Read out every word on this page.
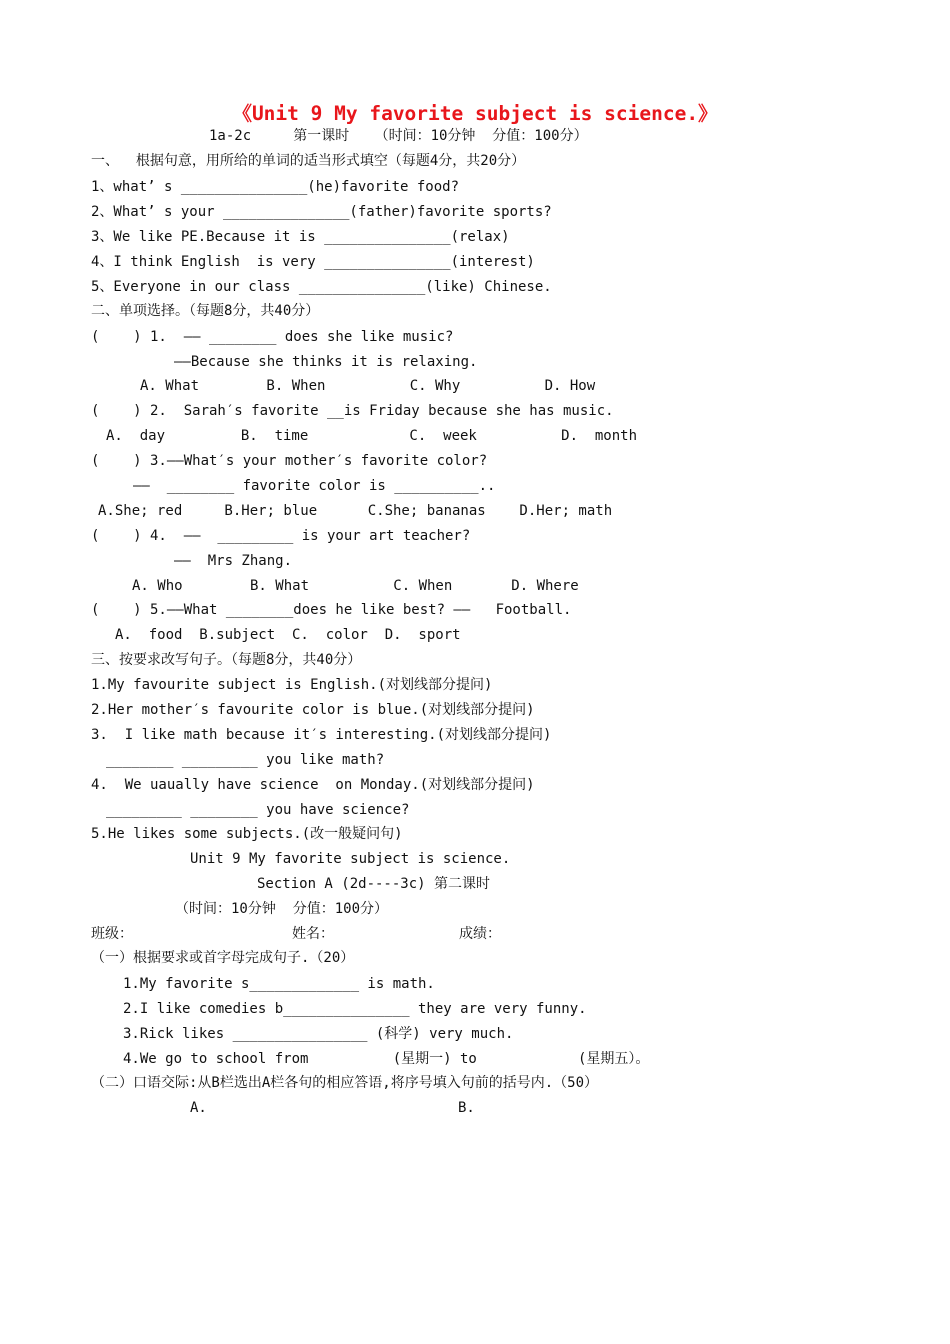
《Unit 9 My favorite subject is science.》
1a-2c     第一课时   （时间：10分钟  分值：100分）
一、  根据句意，用所给的单词的适当形式填空（每题4分，共20分）
1、what’ s _______________(he)favorite food?
2、What’ s your _______________(father)favorite sports?
3、We like PE.Because it is _______________(relax)
4、I think English  is very _______________(interest)
5、Everyone in our class _______________(like) Chinese.
二、单项选择。（每题8分，共40分）
(    ) 1.  —— ________ does she like music?
——Because she thinks it is relaxing.
A. What        B. When          C. Why          D. How
(    ) 2.  Sarah′s favorite __is Friday because she has music.
A.  day         B.  time            C.  week          D.  month
(    ) 3.——What′s your mother′s favorite color?
——  ________ favorite color is __________..
A.She; red     B.Her; blue      C.She; bananas    D.Her; math
(    ) 4.  ——  _________ is your art teacher?
——  Mrs Zhang.
A. Who        B. What          C. When       D. Where
(    ) 5.——What ________does he like best? ——   Football.
A.  food  B.subject  C.  color  D.  sport
三、按要求改写句子。（每题8分，共40分）
1.My favourite subject is English.(对划线部分提问)
2.Her mother′s favourite color is blue.(对划线部分提问)
3.  I like math because it′s interesting.(对划线部分提问)
________ _________ you like math?
4.  We uaually have science  on Monday.(对划线部分提问)
_________ ________ you have science?
5.He likes some subjects.(改一般疑问句)
Unit 9 My favorite subject is science.
Section A (2d----3c) 第二课时
（时间：10分钟  分值：100分）
班级：	姓名：	成绩：
（一）根据要求或首字母完成句子.（20）
1.My favorite s_____________ is math.
2.I like comedies b_______________ they are very funny.
3.Rick likes ________________ (科学) very much.
4.We go to school from          (星期一) to            (星期五）。
（二）口语交际:从B栏选出A栏各句的相应答语,将序号填入句前的括号内.（50）
A.	B.
